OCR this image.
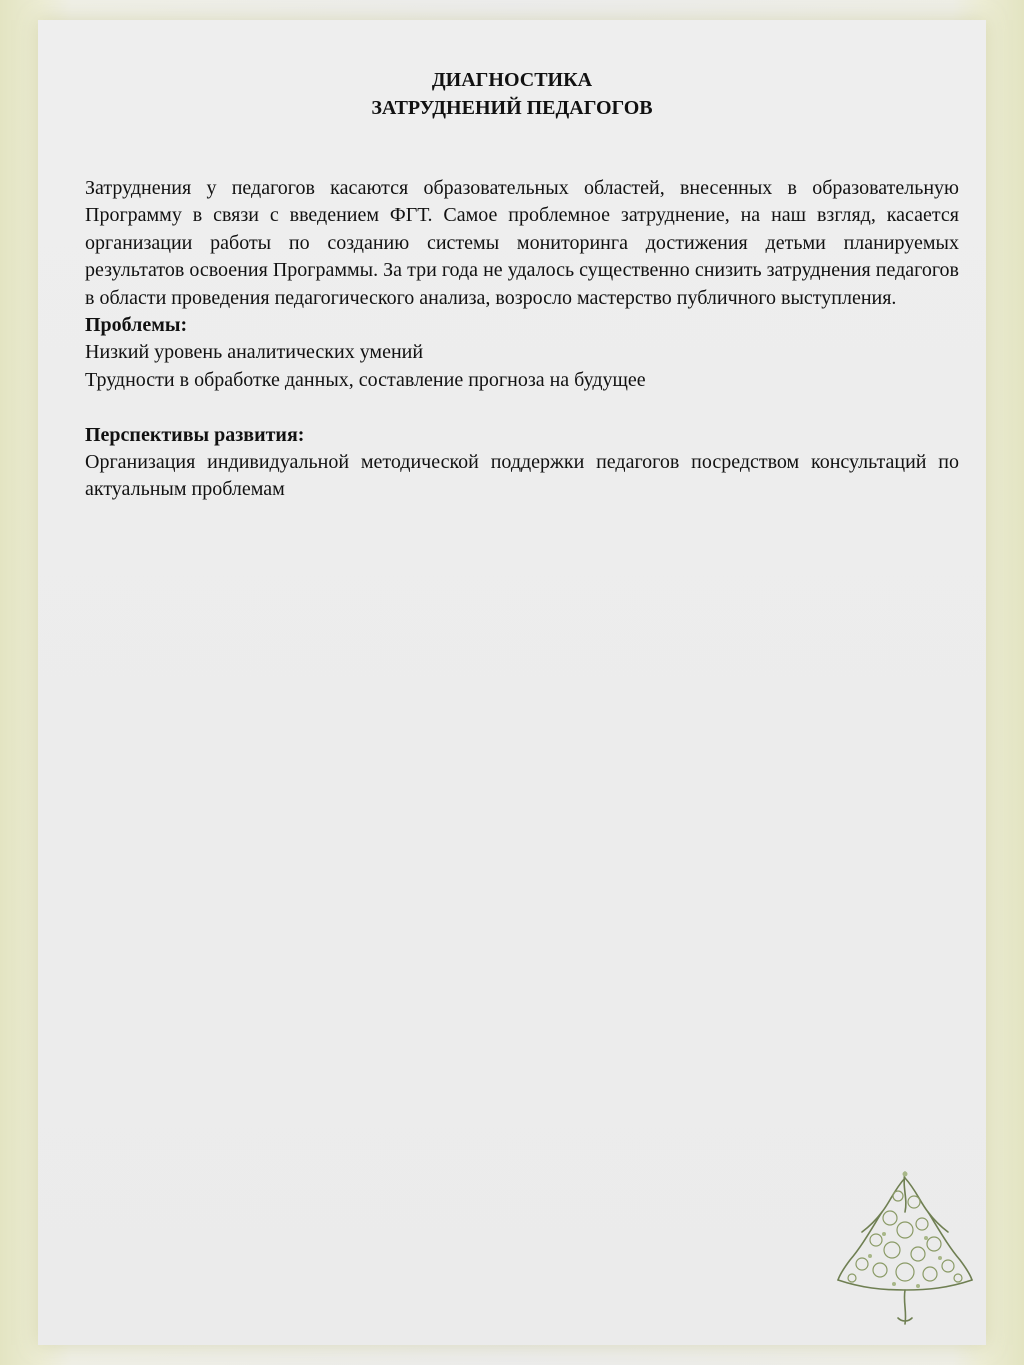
ДИАГНОСТИКА
ЗАТРУДНЕНИЙ ПЕДАГОГОВ

Затруднения у педагогов касаются образовательных областей, внесенных в образовательную Программу в связи с введением ФГТ. Самое проблемное затруднение, на наш взгляд, касается организации работы по созданию системы мониторинга достижения детьми планируемых результатов освоения Программы. За три года не удалось существенно снизить затруднения педагогов в области проведения педагогического анализа, возросло мастерство публичного выступления.

Проблемы:

Низкий уровень аналитических умений

Трудности в обработке данных, составление прогноза на будущее

Перспективы развития:

Организация индивидуальной методической поддержки педагогов посредством консультаций по актуальным проблемам
